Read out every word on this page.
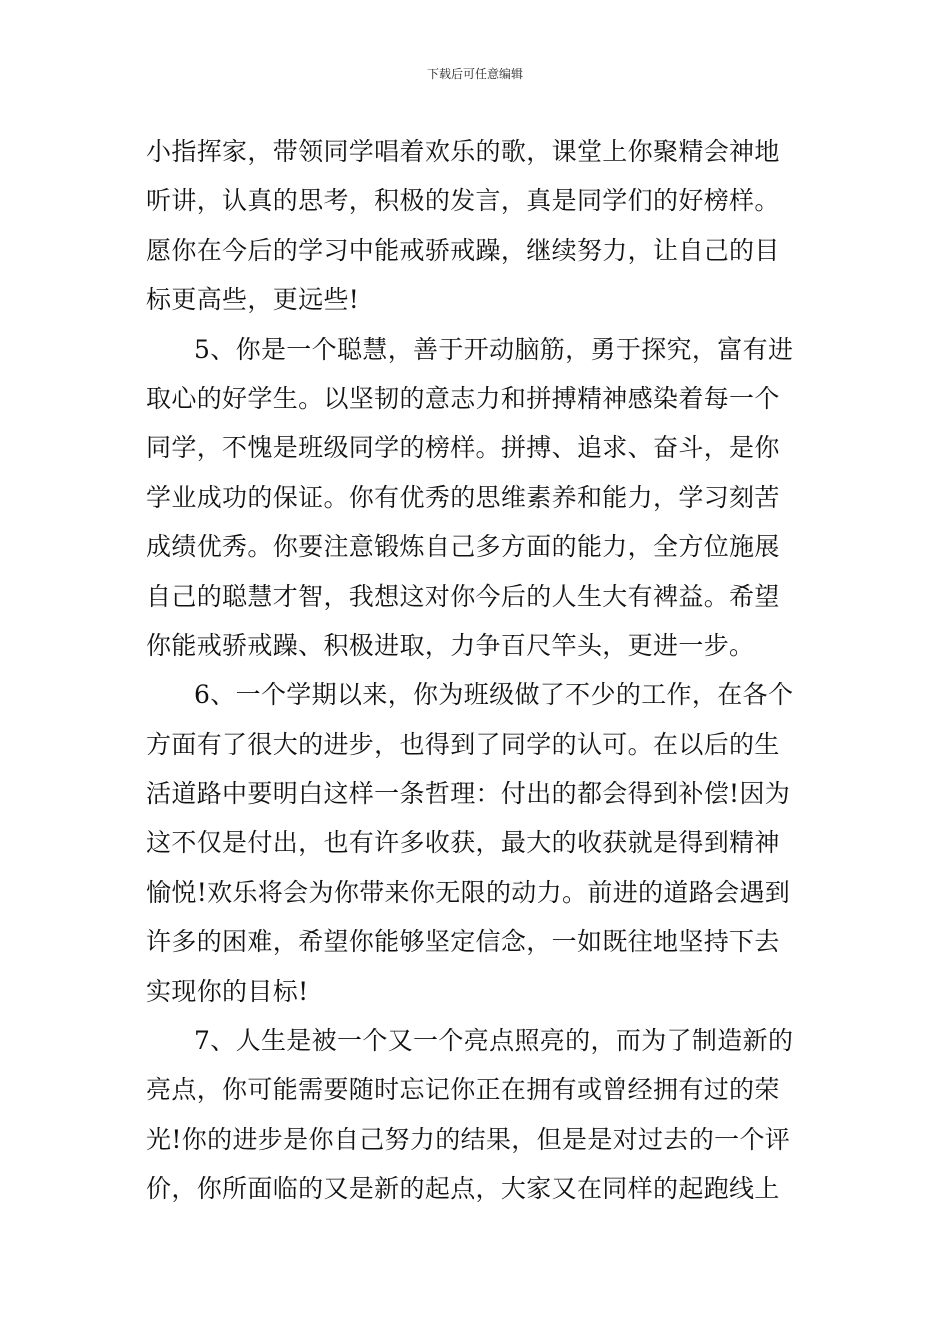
下载后可任意编辑
小指挥家，带领同学唱着欢乐的歌，课堂上你聚精会神地
听讲，认真的思考，积极的发言，真是同学们的好榜样。
愿你在今后的学习中能戒骄戒躁，继续努力，让自己的目
标更高些，更远些!
5、你是一个聪慧，善于开动脑筋，勇于探究，富有进
取心的好学生。以坚韧的意志力和拼搏精神感染着每一个
同学，不愧是班级同学的榜样。拼搏、追求、奋斗，是你
学业成功的保证。你有优秀的思维素养和能力，学习刻苦
成绩优秀。你要注意锻炼自己多方面的能力，全方位施展
自己的聪慧才智，我想这对你今后的人生大有裨益。希望
你能戒骄戒躁、积极进取，力争百尺竿头，更进一步。
6、一个学期以来，你为班级做了不少的工作，在各个
方面有了很大的进步，也得到了同学的认可。在以后的生
活道路中要明白这样一条哲理：付出的都会得到补偿!因为
这不仅是付出，也有许多收获，最大的收获就是得到精神
愉悦!欢乐将会为你带来你无限的动力。前进的道路会遇到
许多的困难，希望你能够坚定信念，一如既往地坚持下去
实现你的目标!
7、人生是被一个又一个亮点照亮的，而为了制造新的
亮点，你可能需要随时忘记你正在拥有或曾经拥有过的荣
光!你的进步是你自己努力的结果，但是是对过去的一个评
价，你所面临的又是新的起点，大家又在同样的起跑线上
